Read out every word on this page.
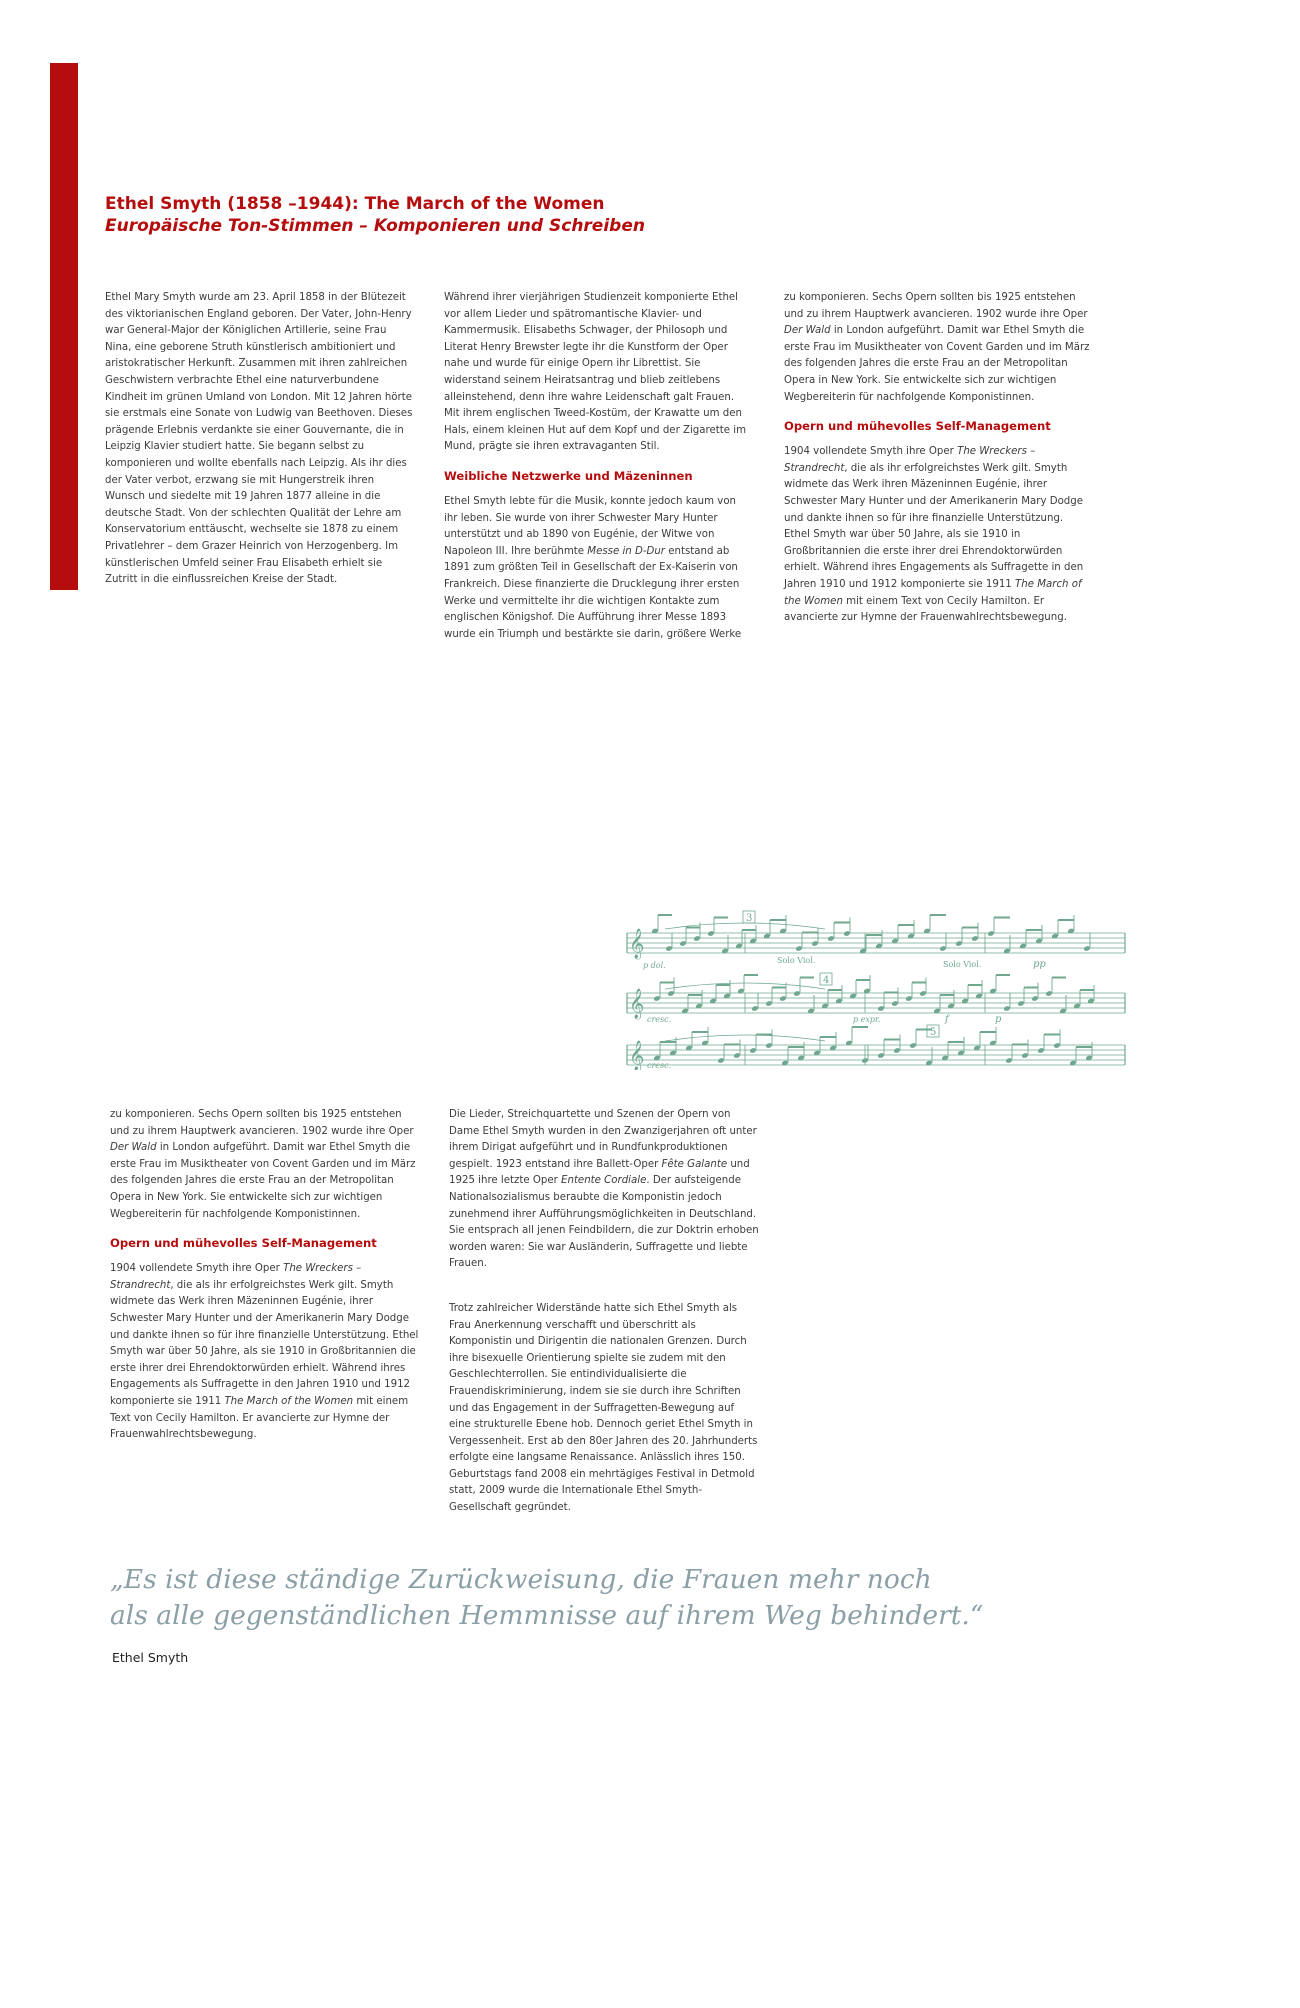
Ethel Smyth (1858 –1944): The March of the Women
Europäische Ton-Stimmen – Komponieren und Schreiben

Ethel Mary Smyth wurde am 23. April 1858 in der Blütezeit des viktorianischen England geboren. Der Vater, John-Henry war General-Major der Königlichen Artillerie, seine Frau Nina, eine geborene Struth künstlerisch ambitioniert und aristokratischer Herkunft. Zusammen mit ihren zahlreichen Geschwistern verbrachte Ethel eine naturverbundene Kindheit im grünen Umland von London. Mit 12 Jahren hörte sie erstmals eine Sonate von Ludwig van Beethoven. Dieses prägende Erlebnis verdankte sie einer Gouvernante, die in Leipzig Klavier studiert hatte. Sie begann selbst zu komponieren und wollte ebenfalls nach Leipzig. Als ihr dies der Vater verbot, erzwang sie mit Hungerstreik ihren Wunsch und siedelte mit 19 Jahren 1877 alleine in die deutsche Stadt. Von der schlechten Qualität der Lehre am Konservatorium enttäuscht, wechselte sie 1878 zu einem Privatlehrer – dem Grazer Heinrich von Herzogenberg. Im künstlerischen Umfeld seiner Frau Elisabeth erhielt sie Zutritt in die einflussreichen Kreise der Stadt.

Während ihrer vierjährigen Studienzeit komponierte Ethel vor allem Lieder und spätromantische Klavier- und Kammermusik. Elisabeths Schwager, der Philosoph und Literat Henry Brewster legte ihr die Kunstform der Oper nahe und wurde für einige Opern ihr Librettist. Sie widerstand seinem Heiratsantrag und blieb zeitlebens alleinstehend, denn ihre wahre Leidenschaft galt Frauen. Mit ihrem englischen Tweed-Kostüm, der Krawatte um den Hals, einem kleinen Hut auf dem Kopf und der Zigarette im Mund, prägte sie ihren extravaganten Stil.

Weibliche Netzwerke und Mäzeninnen

Ethel Smyth lebte für die Musik, konnte jedoch kaum von ihr leben. Sie wurde von ihrer Schwester Mary Hunter unterstützt und ab 1890 von Eugénie, der Witwe von Napoleon III. Ihre berühmte Messe in D-Dur entstand ab 1891 zum größten Teil in Gesellschaft der Ex-Kaiserin von Frankreich. Diese finanzierte die Drucklegung ihrer ersten Werke und vermittelte ihr die wichtigen Kontakte zum englischen Königshof. Die Aufführung ihrer Messe 1893 wurde ein Triumph und bestärkte sie darin, größere Werke

zu komponieren. Sechs Opern sollten bis 1925 entstehen und zu ihrem Hauptwerk avancieren. 1902 wurde ihre Oper Der Wald in London aufgeführt. Damit war Ethel Smyth die erste Frau im Musiktheater von Covent Garden und im März des folgenden Jahres die erste Frau an der Metropolitan Opera in New York. Sie entwickelte sich zur wichtigen Wegbereiterin für nachfolgende Komponistinnen.

Opern und mühevolles Self-Management

1904 vollendete Smyth ihre Oper The Wreckers – Strandrecht, die als ihr erfolgreichstes Werk gilt. Smyth widmete das Werk ihren Mäzeninnen Eugénie, ihrer Schwester Mary Hunter und der Amerikanerin Mary Dodge und dankte ihnen so für ihre finanzielle Unterstützung. Ethel Smyth war über 50 Jahre, als sie 1910 in Großbritannien die erste ihrer drei Ehrendoktorwürden erhielt. Während ihres Engagements als Suffragette in den Jahren 1910 und 1912 komponierte sie 1911 The March of the Women mit einem Text von Cecily Hamilton. Er avancierte zur Hymne der Frauenwahlrechtsbewegung.

𝄞
𝄞
𝄞
3
4
5
Solo Viol.	Solo Viol.
p dol.	pp
cresc.	p expr.	f	p
cresc.

zu komponieren. Sechs Opern sollten bis 1925 entstehen und zu ihrem Hauptwerk avancieren. 1902 wurde ihre Oper Der Wald in London aufgeführt. Damit war Ethel Smyth die erste Frau im Musiktheater von Covent Garden und im März des folgenden Jahres die erste Frau an der Metropolitan Opera in New York. Sie entwickelte sich zur wichtigen Wegbereiterin für nachfolgende Komponistinnen.

Opern und mühevolles Self-Management

1904 vollendete Smyth ihre Oper The Wreckers – Strandrecht, die als ihr erfolgreichstes Werk gilt. Smyth widmete das Werk ihren Mäzeninnen Eugénie, ihrer Schwester Mary Hunter und der Amerikanerin Mary Dodge und dankte ihnen so für ihre finanzielle Unterstützung. Ethel Smyth war über 50 Jahre, als sie 1910 in Großbritannien die erste ihrer drei Ehrendoktorwürden erhielt. Während ihres Engagements als Suffragette in den Jahren 1910 und 1912 komponierte sie 1911 The March of the Women mit einem Text von Cecily Hamilton. Er avancierte zur Hymne der Frauenwahlrechtsbewegung.

Die Lieder, Streichquartette und Szenen der Opern von Dame Ethel Smyth wurden in den Zwanzigerjahren oft unter ihrem Dirigat aufgeführt und in Rundfunkproduktionen gespielt. 1923 entstand ihre Ballett-Oper Fête Galante und 1925 ihre letzte Oper Entente Cordiale. Der aufsteigende Nationalsozialismus beraubte die Komponistin jedoch zunehmend ihrer Aufführungsmöglichkeiten in Deutschland. Sie entsprach all jenen Feindbildern, die zur Doktrin erhoben worden waren: Sie war Ausländerin, Suffragette und liebte Frauen.

Trotz zahlreicher Widerstände hatte sich Ethel Smyth als Frau Anerkennung verschafft und überschritt als Komponistin und Dirigentin die nationalen Grenzen. Durch ihre bisexuelle Orientierung spielte sie zudem mit den Geschlechterrollen. Sie entindividualisierte die Frauendiskriminierung, indem sie sie durch ihre Schriften und das Engagement in der Suffragetten-Bewegung auf eine strukturelle Ebene hob. Dennoch geriet Ethel Smyth in Vergessenheit. Erst ab den 80er Jahren des 20. Jahrhunderts erfolgte eine langsame Renaissance. Anlässlich ihres 150. Geburtstags fand 2008 ein mehrtägiges Festival in Detmold statt, 2009 wurde die Internationale Ethel Smyth-Gesellschaft gegründet.

„Es ist diese ständige Zurückweisung, die Frauen mehr noch
als alle gegenständlichen Hemmnisse auf ihrem Weg behindert.“
Ethel Smyth
